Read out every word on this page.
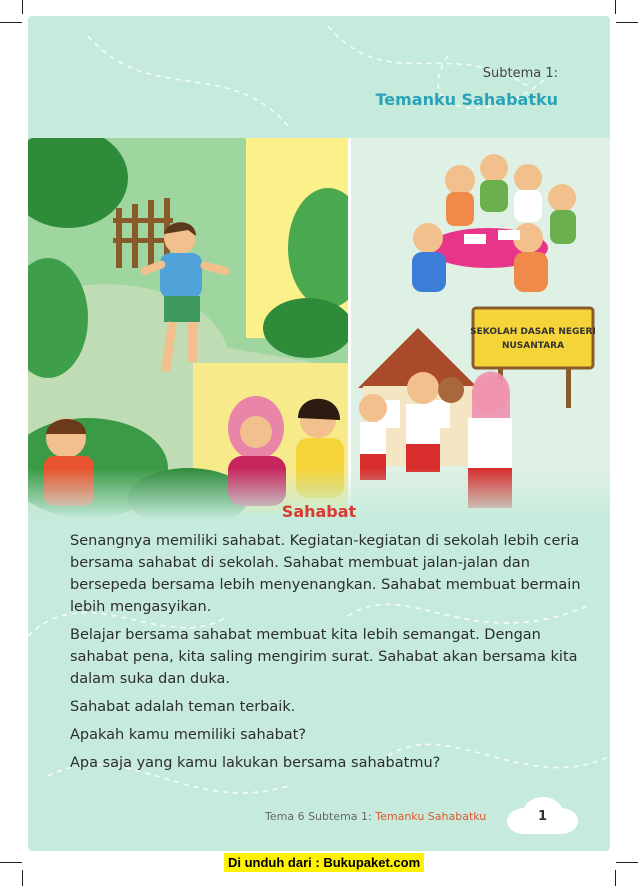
Subtema 1:
Temanku Sahabatku
SEKOLAH DASAR NEGERI
NUSANTARA
Sahabat

Senangnya memiliki sahabat. Kegiatan-kegiatan di sekolah lebih ceria bersama sahabat di sekolah. Sahabat membuat jalan-jalan dan bersepeda bersama lebih menyenangkan. Sahabat membuat bermain lebih mengasyikan.

Belajar bersama sahabat membuat kita lebih semangat. Dengan sahabat pena, kita saling mengirim surat. Sahabat akan bersama kita dalam suka dan duka.

Sahabat adalah teman terbaik.

Apakah kamu memiliki sahabat?

Apa saja yang kamu lakukan bersama sahabatmu?

Tema 6 Subtema 1: Temanku Sahabatku	1
Di unduh dari : Bukupaket.com
